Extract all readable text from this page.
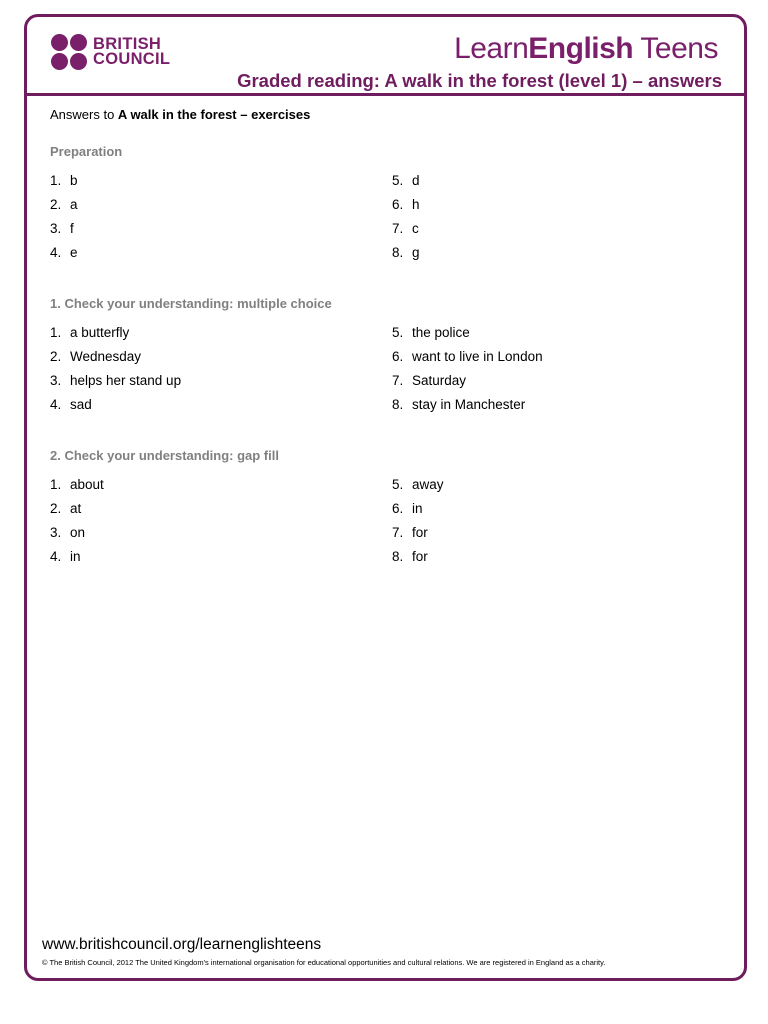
BRITISH
COUNCIL	LearnEnglish Teens
Graded reading: A walk in the forest (level 1) – answers
Answers to A walk in the forest – exercises
Preparation
1. b
2. a
3. f
4. e
5. d
6. h
7. c
8. g
1. Check your understanding: multiple choice
1. a butterfly
2. Wednesday
3. helps her stand up
4. sad
5. the police
6. want to live in London
7. Saturday
8. stay in Manchester
2. Check your understanding: gap fill
1. about
2. at
3. on
4. in
5. away
6. in
7. for
8. for
www.britishcouncil.org/learnenglishteens
© The British Council, 2012 The United Kingdom's international organisation for educational opportunities and cultural relations. We are registered in England as a charity.
